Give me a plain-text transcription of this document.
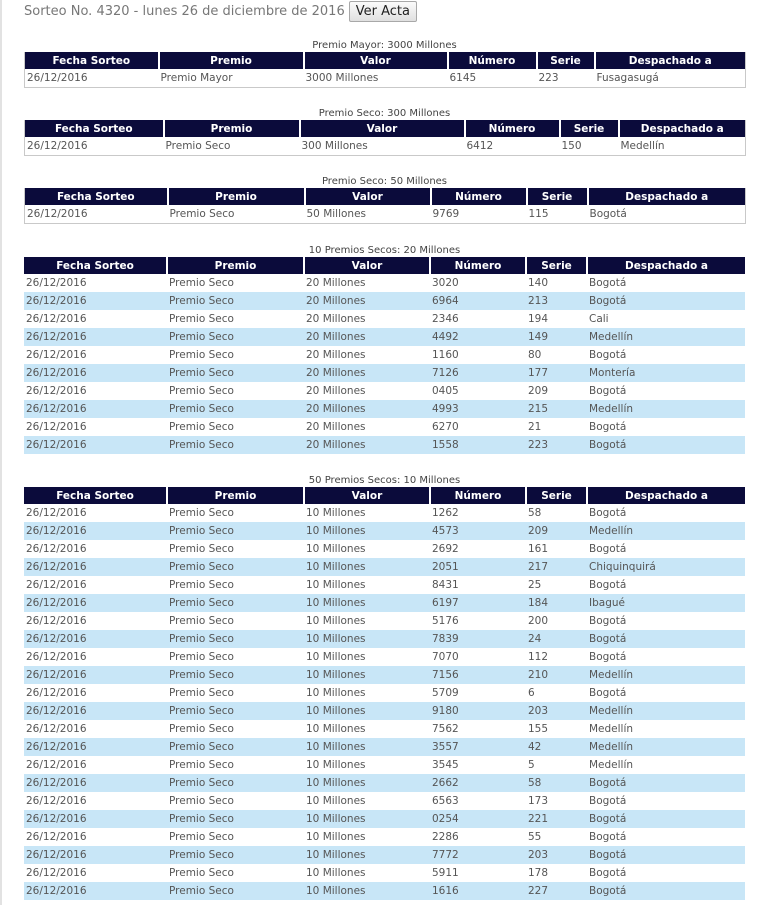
Sorteo No. 4320 - lunes 26 de diciembre de 2016 Ver Acta
Premio Mayor: 3000 Millones
Fecha Sorteo	Premio	Valor	Número	Serie	Despachado a
26/12/2016	Premio Mayor	3000 Millones	6145	223	Fusagasugá
Premio Seco: 300 Millones
Fecha Sorteo	Premio	Valor	Número	Serie	Despachado a
26/12/2016	Premio Seco	300 Millones	6412	150	Medellín
Premio Seco: 50 Millones
Fecha Sorteo	Premio	Valor	Número	Serie	Despachado a
26/12/2016	Premio Seco	50 Millones	9769	115	Bogotá
10 Premios Secos: 20 Millones
Fecha Sorteo	Premio	Valor	Número	Serie	Despachado a
26/12/2016	Premio Seco	20 Millones	3020	140	Bogotá
26/12/2016	Premio Seco	20 Millones	6964	213	Bogotá
26/12/2016	Premio Seco	20 Millones	2346	194	Cali
26/12/2016	Premio Seco	20 Millones	4492	149	Medellín
26/12/2016	Premio Seco	20 Millones	1160	80	Bogotá
26/12/2016	Premio Seco	20 Millones	7126	177	Montería
26/12/2016	Premio Seco	20 Millones	0405	209	Bogotá
26/12/2016	Premio Seco	20 Millones	4993	215	Medellín
26/12/2016	Premio Seco	20 Millones	6270	21	Bogotá
26/12/2016	Premio Seco	20 Millones	1558	223	Bogotá
50 Premios Secos: 10 Millones
Fecha Sorteo	Premio	Valor	Número	Serie	Despachado a
26/12/2016	Premio Seco	10 Millones	1262	58	Bogotá
26/12/2016	Premio Seco	10 Millones	4573	209	Medellín
26/12/2016	Premio Seco	10 Millones	2692	161	Bogotá
26/12/2016	Premio Seco	10 Millones	2051	217	Chiquinquirá
26/12/2016	Premio Seco	10 Millones	8431	25	Bogotá
26/12/2016	Premio Seco	10 Millones	6197	184	Ibagué
26/12/2016	Premio Seco	10 Millones	5176	200	Bogotá
26/12/2016	Premio Seco	10 Millones	7839	24	Bogotá
26/12/2016	Premio Seco	10 Millones	7070	112	Bogotá
26/12/2016	Premio Seco	10 Millones	7156	210	Medellín
26/12/2016	Premio Seco	10 Millones	5709	6	Bogotá
26/12/2016	Premio Seco	10 Millones	9180	203	Medellín
26/12/2016	Premio Seco	10 Millones	7562	155	Medellín
26/12/2016	Premio Seco	10 Millones	3557	42	Medellín
26/12/2016	Premio Seco	10 Millones	3545	5	Medellín
26/12/2016	Premio Seco	10 Millones	2662	58	Bogotá
26/12/2016	Premio Seco	10 Millones	6563	173	Bogotá
26/12/2016	Premio Seco	10 Millones	0254	221	Bogotá
26/12/2016	Premio Seco	10 Millones	2286	55	Bogotá
26/12/2016	Premio Seco	10 Millones	7772	203	Bogotá
26/12/2016	Premio Seco	10 Millones	5911	178	Bogotá
26/12/2016	Premio Seco	10 Millones	1616	227	Bogotá
